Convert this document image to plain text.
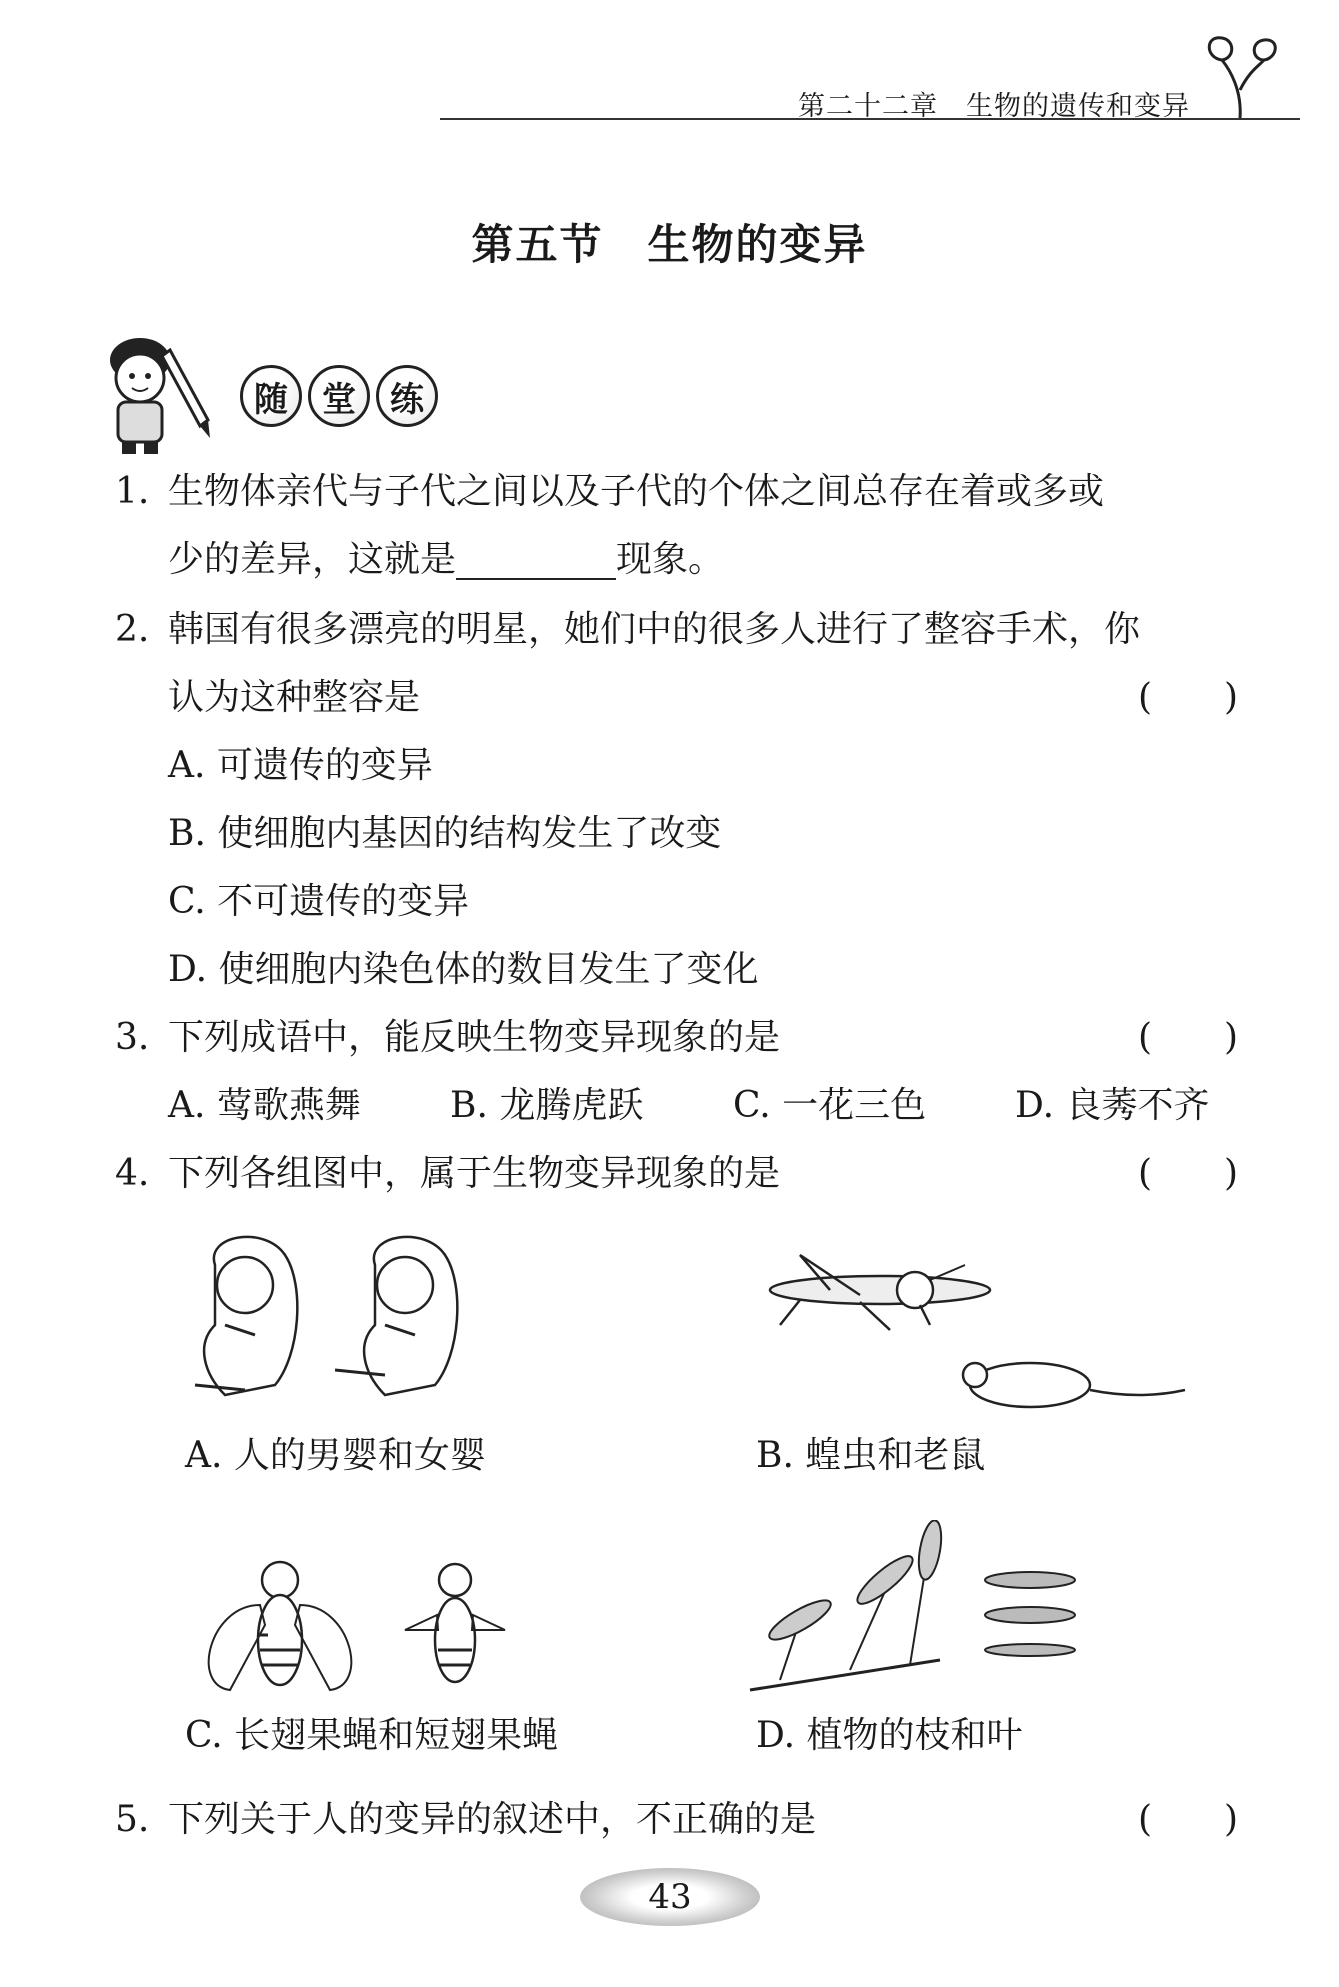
第二十二章　生物的遗传和变异
第五节　生物的变异
随	堂	练
1. 生物体亲代与子代之间以及子代的个体之间总存在着或多或
少的差异，这就是	现象。
2. 韩国有很多漂亮的明星，她们中的很多人进行了整容手术，你
认为这种整容是	(　　)
A. 可遗传的变异
B. 使细胞内基因的结构发生了改变
C. 不可遗传的变异
D. 使细胞内染色体的数目发生了变化
3. 下列成语中，能反映生物变异现象的是	(　　)
A. 莺歌燕舞 B. 龙腾虎跃 C. 一花三色 D. 良莠不齐
4. 下列各组图中，属于生物变异现象的是	(　　)
A. 人的男婴和女婴	B. 蝗虫和老鼠
C. 长翅果蝇和短翅果蝇	D. 植物的枝和叶
5. 下列关于人的变异的叙述中，不正确的是	(　　)
43
